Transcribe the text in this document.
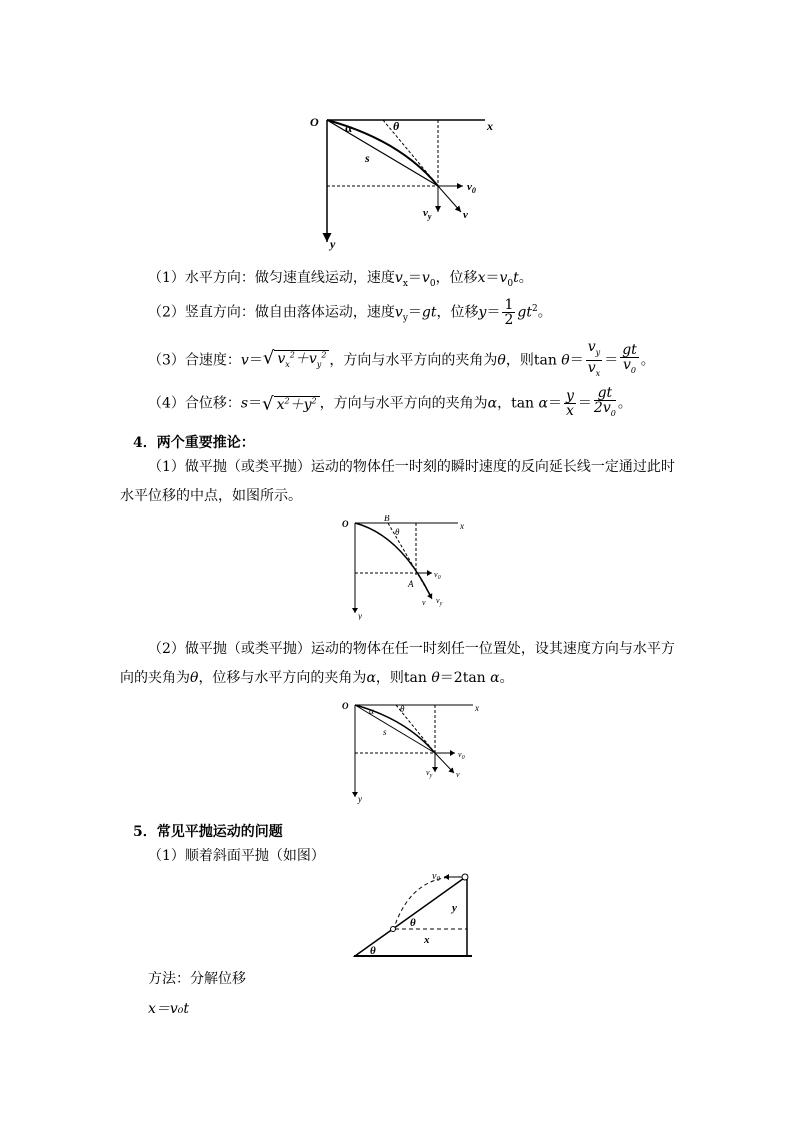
O	x
y
α	θ
s
$v_0$
$v_y$	v
（1）水平方向：做匀速直线运动，速度$v_x=v_0$，位移$x=v_0t$。
（2）竖直方向：做自由落体运动，速度$v_y=gt$，位移$y= \frac{1}{2} gt^2$。
（3）合速度：v＝√ $v_x^2+v_y^2$ ，方向与水平方向的夹角为θ，则$\tan \theta= \frac{v_y}{v_x} = \frac{gt}{v_0}$ 。
（4）合位移：s＝√ $x^2+y^2$ ，方向与水平方向的夹角为α，$\tan \alpha= \frac{y}{x} = \frac{gt}{2v_0}$ 。
4．两个重要推论：
（1）做平抛（或类平抛）运动的物体任一时刻的瞬时速度的反向延长线一定通过此时水平位移的中点，如图所示。
O
B
x
y
θ
A
$v_0$
$v_y$
v
（2）做平抛（或类平抛）运动的物体在任一时刻任一位置处，设其速度方向与水平方向的夹角为θ，位移与水平方向的夹角为α，则tan θ＝2tan α。
O	x
y
α	θ
s
$v_0$
$v_y$	v
5．常见平抛运动的问题
（1）顺着斜面平抛（如图）
$v_0$
y
θ
x
θ
方法：分解位移
x＝v₀t
